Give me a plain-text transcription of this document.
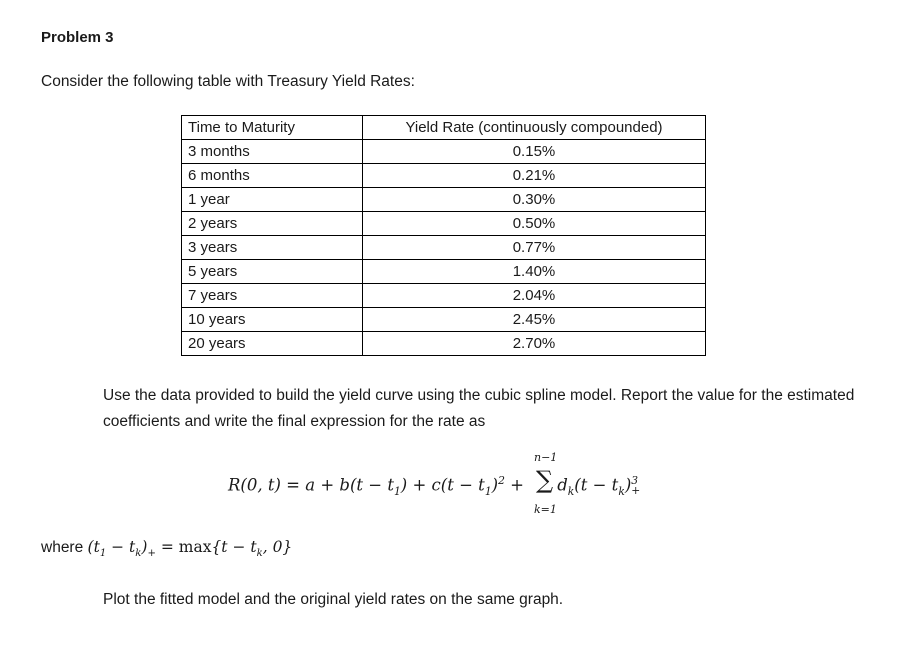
Problem 3
Consider the following table with Treasury Yield Rates:
Time to Maturity	Yield Rate (continuously compounded)
3 months	0.15%
6 months	0.21%
1 year	0.30%
2 years	0.50%
3 years	0.77%
5 years	1.40%
7 years	2.04%
10 years	2.45%
20 years	2.70%
Use the data provided to build the yield curve using the cubic spline model. Report the value for the estimated coefficients and write the final expression for the rate as
R(0, $t) = a + b(t - t_1) + c(t - t_1)^2 + d_k(t - t_k)$ 3
+
n−1
∑
k=1
where $(t_1 - t_k)_+ = \max\{t - t_k$, 0}
Plot the fitted model and the original yield rates on the same graph.
